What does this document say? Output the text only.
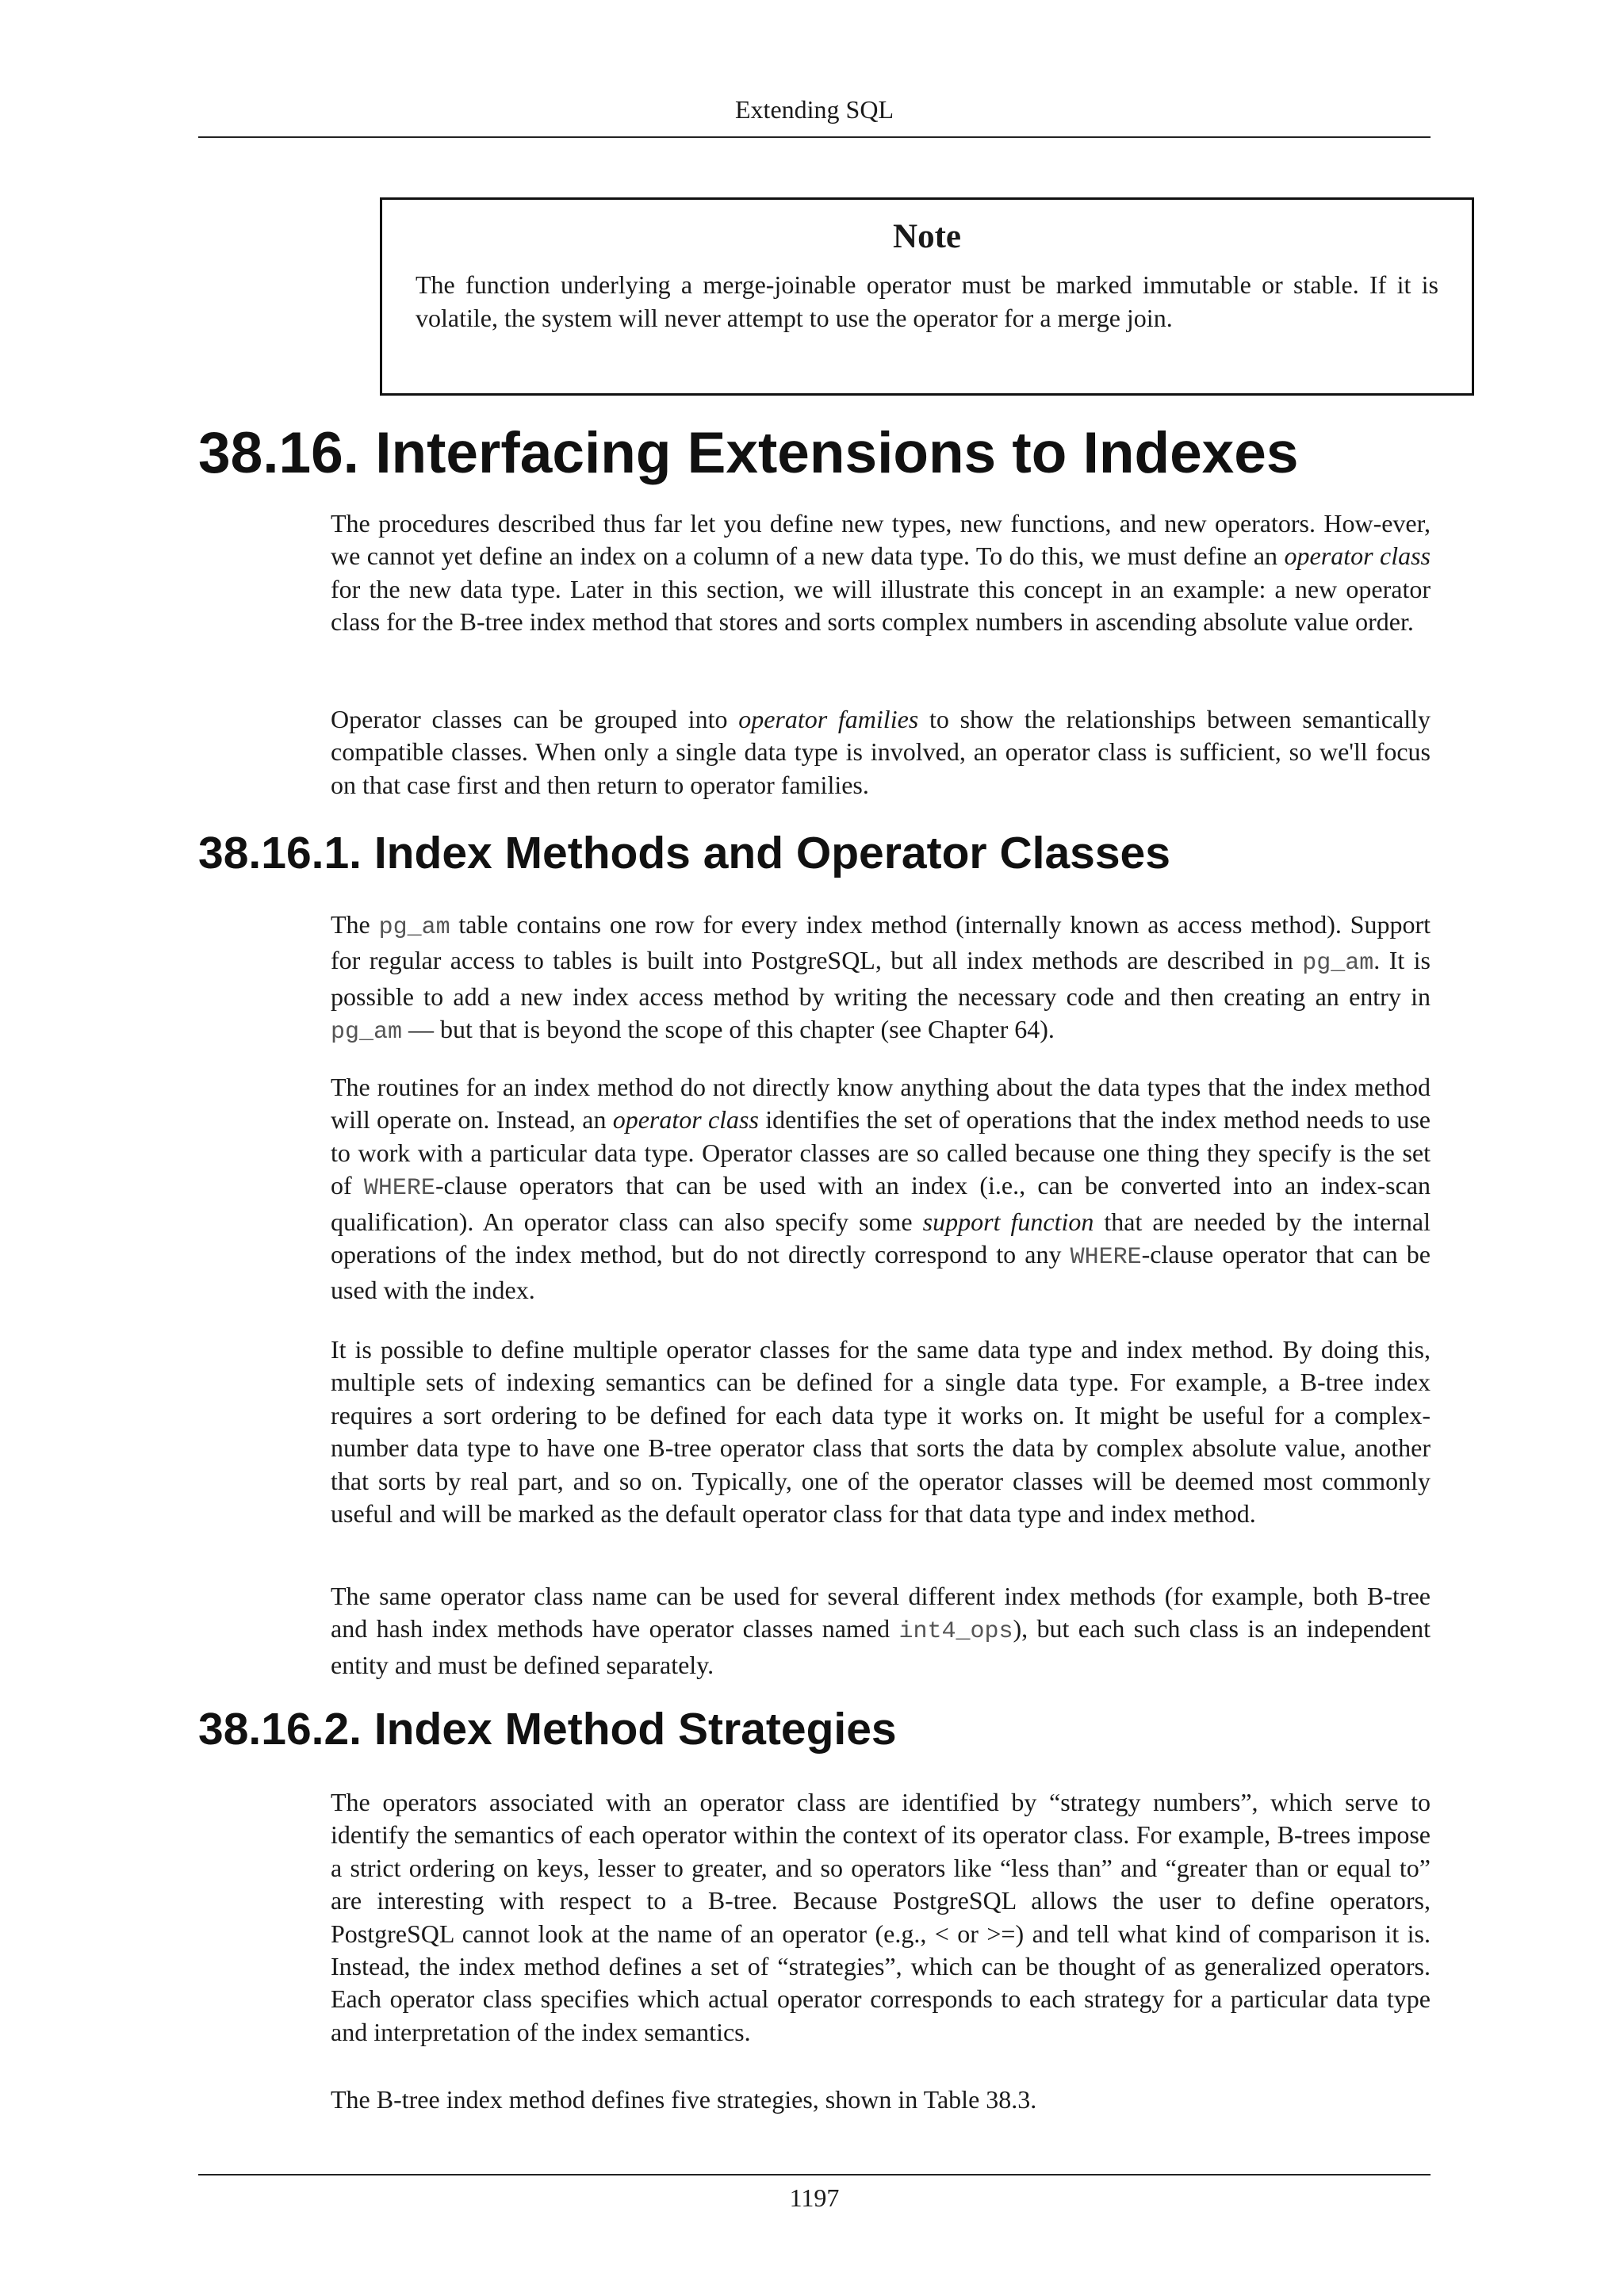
Extending SQL

Note

The function underlying a merge-joinable operator must be marked immutable or stable. If it is volatile, the system will never attempt to use the operator for a merge join.

38.16. Interfacing Extensions to Indexes

The procedures described thus far let you define new types, new functions, and new operators. How-ever, we cannot yet define an index on a column of a new data type. To do this, we must define an operator class for the new data type. Later in this section, we will illustrate this concept in an example: a new operator class for the B-tree index method that stores and sorts complex numbers in ascending absolute value order.

Operator classes can be grouped into operator families to show the relationships between semantically compatible classes. When only a single data type is involved, an operator class is sufficient, so we'll focus on that case first and then return to operator families.

38.16.1. Index Methods and Operator Classes

The pg_am table contains one row for every index method (internally known as access method). Support for regular access to tables is built into PostgreSQL, but all index methods are described in pg_am. It is possible to add a new index access method by writing the necessary code and then creating an entry in pg_am — but that is beyond the scope of this chapter (see Chapter 64).

The routines for an index method do not directly know anything about the data types that the index method will operate on. Instead, an operator class identifies the set of operations that the index method needs to use to work with a particular data type. Operator classes are so called because one thing they specify is the set of WHERE-clause operators that can be used with an index (i.e., can be converted into an index-scan qualification). An operator class can also specify some support function that are needed by the internal operations of the index method, but do not directly correspond to any WHERE-clause operator that can be used with the index.

It is possible to define multiple operator classes for the same data type and index method. By doing this, multiple sets of indexing semantics can be defined for a single data type. For example, a B-tree index requires a sort ordering to be defined for each data type it works on. It might be useful for a complex-number data type to have one B-tree operator class that sorts the data by complex absolute value, another that sorts by real part, and so on. Typically, one of the operator classes will be deemed most commonly useful and will be marked as the default operator class for that data type and index method.

The same operator class name can be used for several different index methods (for example, both B-tree and hash index methods have operator classes named int4_ops), but each such class is an independent entity and must be defined separately.

38.16.2. Index Method Strategies

The operators associated with an operator class are identified by “strategy numbers”, which serve to identify the semantics of each operator within the context of its operator class. For example, B-trees impose a strict ordering on keys, lesser to greater, and so operators like “less than” and “greater than or equal to” are interesting with respect to a B-tree. Because PostgreSQL allows the user to define operators, PostgreSQL cannot look at the name of an operator (e.g., < or >=) and tell what kind of comparison it is. Instead, the index method defines a set of “strategies”, which can be thought of as generalized operators. Each operator class specifies which actual operator corresponds to each strategy for a particular data type and interpretation of the index semantics.

The B-tree index method defines five strategies, shown in Table 38.3.

1197
